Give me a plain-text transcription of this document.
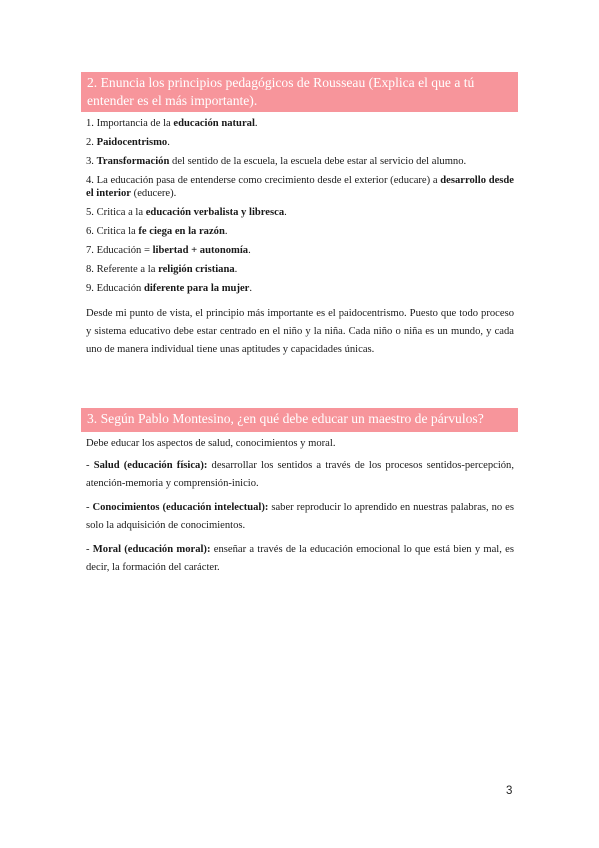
2. Enuncia los principios pedagógicos de Rousseau (Explica el que a tú entender es el más importante).

1. Importancia de la educación natural.

2. Paidocentrismo.

3. Transformación del sentido de la escuela, la escuela debe estar al servicio del alumno.

4. La educación pasa de entenderse como crecimiento desde el exterior (educare) a desarrollo desde el interior (educere).

5. Critica a la educación verbalista y libresca.

6. Critica la fe ciega en la razón.

7. Educación = libertad + autonomía.

8. Referente a la religión cristiana.

9. Educación diferente para la mujer.

Desde mi punto de vista, el principio más importante es el paidocentrismo. Puesto que todo proceso y sistema educativo debe estar centrado en el niño y la niña. Cada niño o niña es un mundo, y cada uno de manera individual tiene unas aptitudes y capacidades únicas.

3. Según Pablo Montesino, ¿en qué debe educar un maestro de párvulos?

Debe educar los aspectos de salud, conocimientos y moral.

- Salud (educación física): desarrollar los sentidos a través de los procesos sentidos-percepción, atención-memoria y comprensión-inicio.

- Conocimientos (educación intelectual): saber reproducir lo aprendido en nuestras palabras, no es solo la adquisición de conocimientos.

- Moral (educación moral): enseñar a través de la educación emocional lo que está bien y mal, es decir, la formación del carácter.

3
